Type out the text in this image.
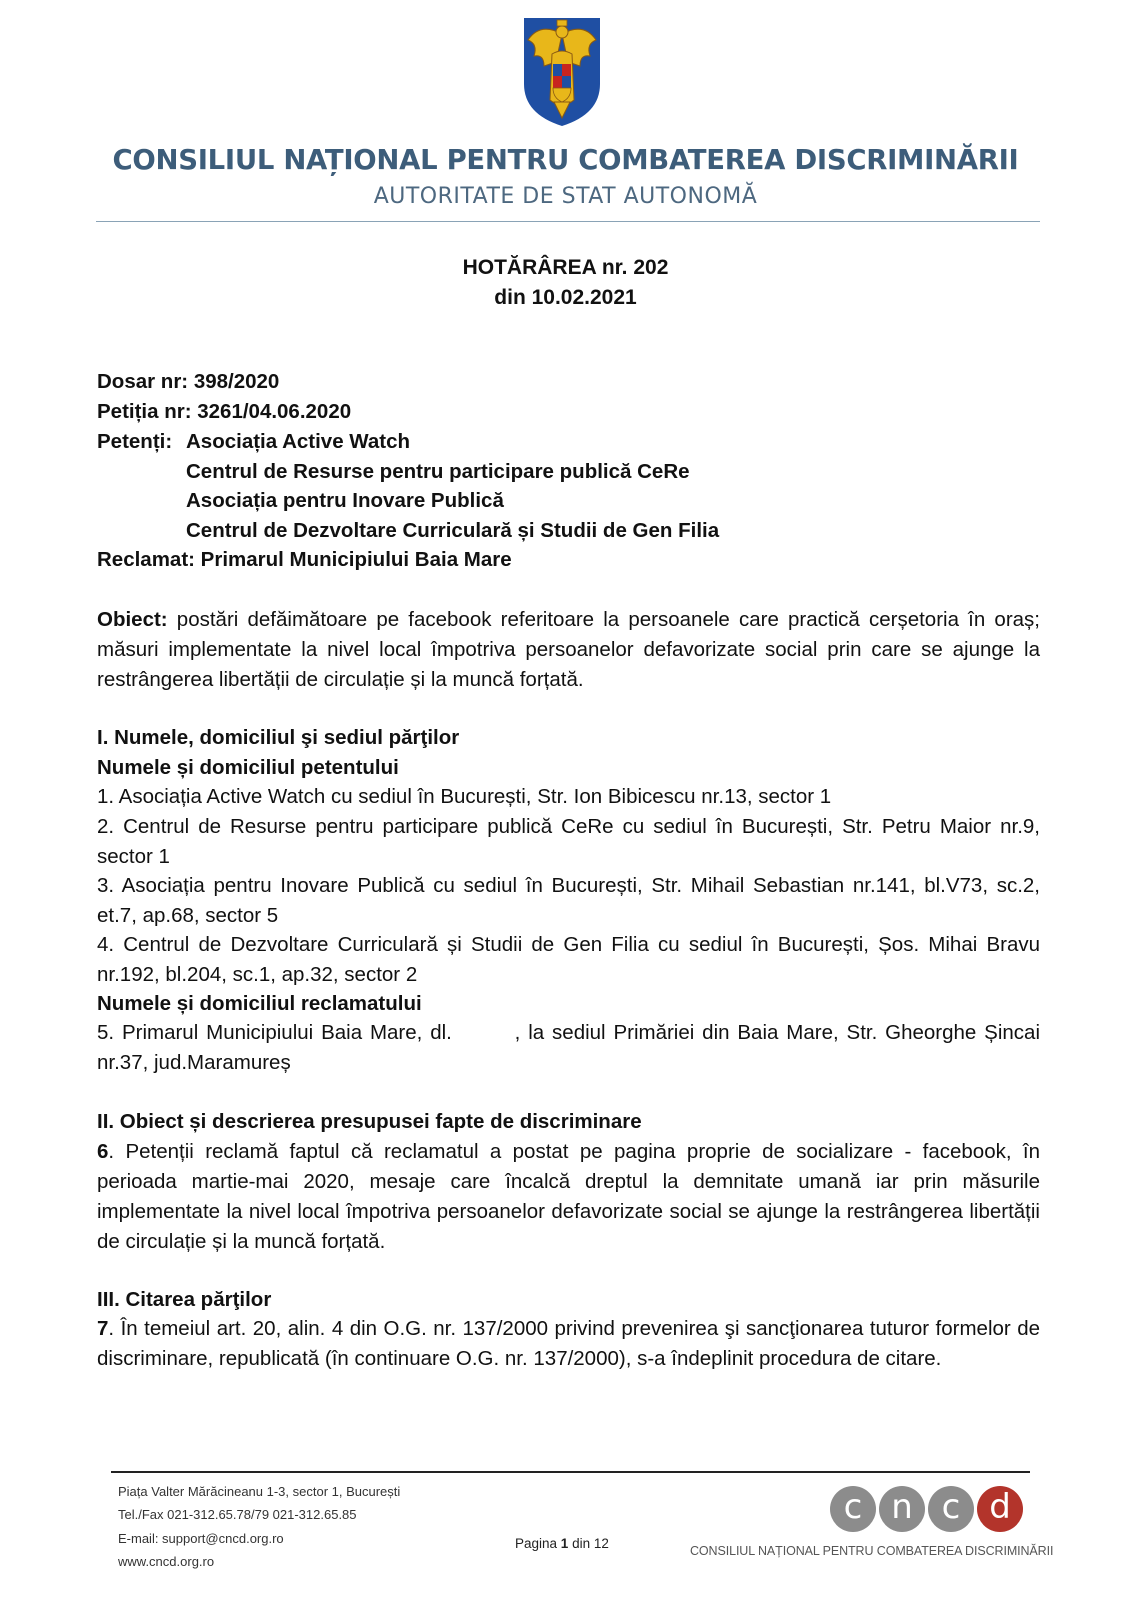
CONSILIUL NAȚIONAL PENTRU COMBATEREA DISCRIMINĂRII
AUTORITATE DE STAT AUTONOMĂ
HOTĂRÂREA nr. 202
din 10.02.2021
Dosar nr: 398/2020
Petiția nr: 3261/04.06.2020
Petenți: Asociația Active Watch
Centrul de Resurse pentru participare publică CeRe
Asociația pentru Inovare Publică
Centrul de Dezvoltare Curriculară și Studii de Gen Filia
Reclamat: Primarul Municipiului Baia Mare
Obiect: postări defăimătoare pe facebook referitoare la persoanele care practică cerșetoria în oraș; măsuri implementate la nivel local împotriva persoanelor defavorizate social prin care se ajunge la restrângerea libertății de circulație și la muncă forțată.
I. Numele, domiciliul şi sediul părţilor
Numele și domiciliul petentului
1. Asociația Active Watch cu sediul în București, Str. Ion Bibicescu nr.13, sector 1
2. Centrul de Resurse pentru participare publică CeRe cu sediul în București, Str. Petru Maior nr.9, sector 1
3. Asociația pentru Inovare Publică cu sediul în București, Str. Mihail Sebastian nr.141, bl.V73, sc.2, et.7, ap.68, sector 5
4. Centrul de Dezvoltare Curriculară și Studii de Gen Filia cu sediul în București, Șos. Mihai Bravu nr.192, bl.204, sc.1, ap.32, sector 2
Numele și domiciliul reclamatului
5. Primarul Municipiului Baia Mare, dl.        , la sediul Primăriei din Baia Mare, Str. Gheorghe Șincai nr.37, jud.Maramureș
II. Obiect și descrierea presupusei fapte de discriminare
6. Petenții reclamă faptul că reclamatul a postat pe pagina proprie de socializare - facebook, în perioada martie-mai 2020, mesaje care încalcă dreptul la demnitate umană iar prin măsurile implementate la nivel local împotriva persoanelor defavorizate social se ajunge la restrângerea libertății de circulație și la muncă forțată.
III. Citarea părţilor
7. În temeiul art. 20, alin. 4 din O.G. nr. 137/2000 privind prevenirea şi sancţionarea tuturor formelor de discriminare, republicată (în continuare O.G. nr. 137/2000), s-a îndeplinit procedura de citare.
Piața Valter Mărăcineanu 1-3, sector 1, București
Tel./Fax 021-312.65.78/79 021-312.65.85
E-mail: support@cncd.org.ro
www.cncd.org.ro
Pagina 1 din 12
c n c d
CONSILIUL NAȚIONAL PENTRU COMBATEREA DISCRIMINĂRII
